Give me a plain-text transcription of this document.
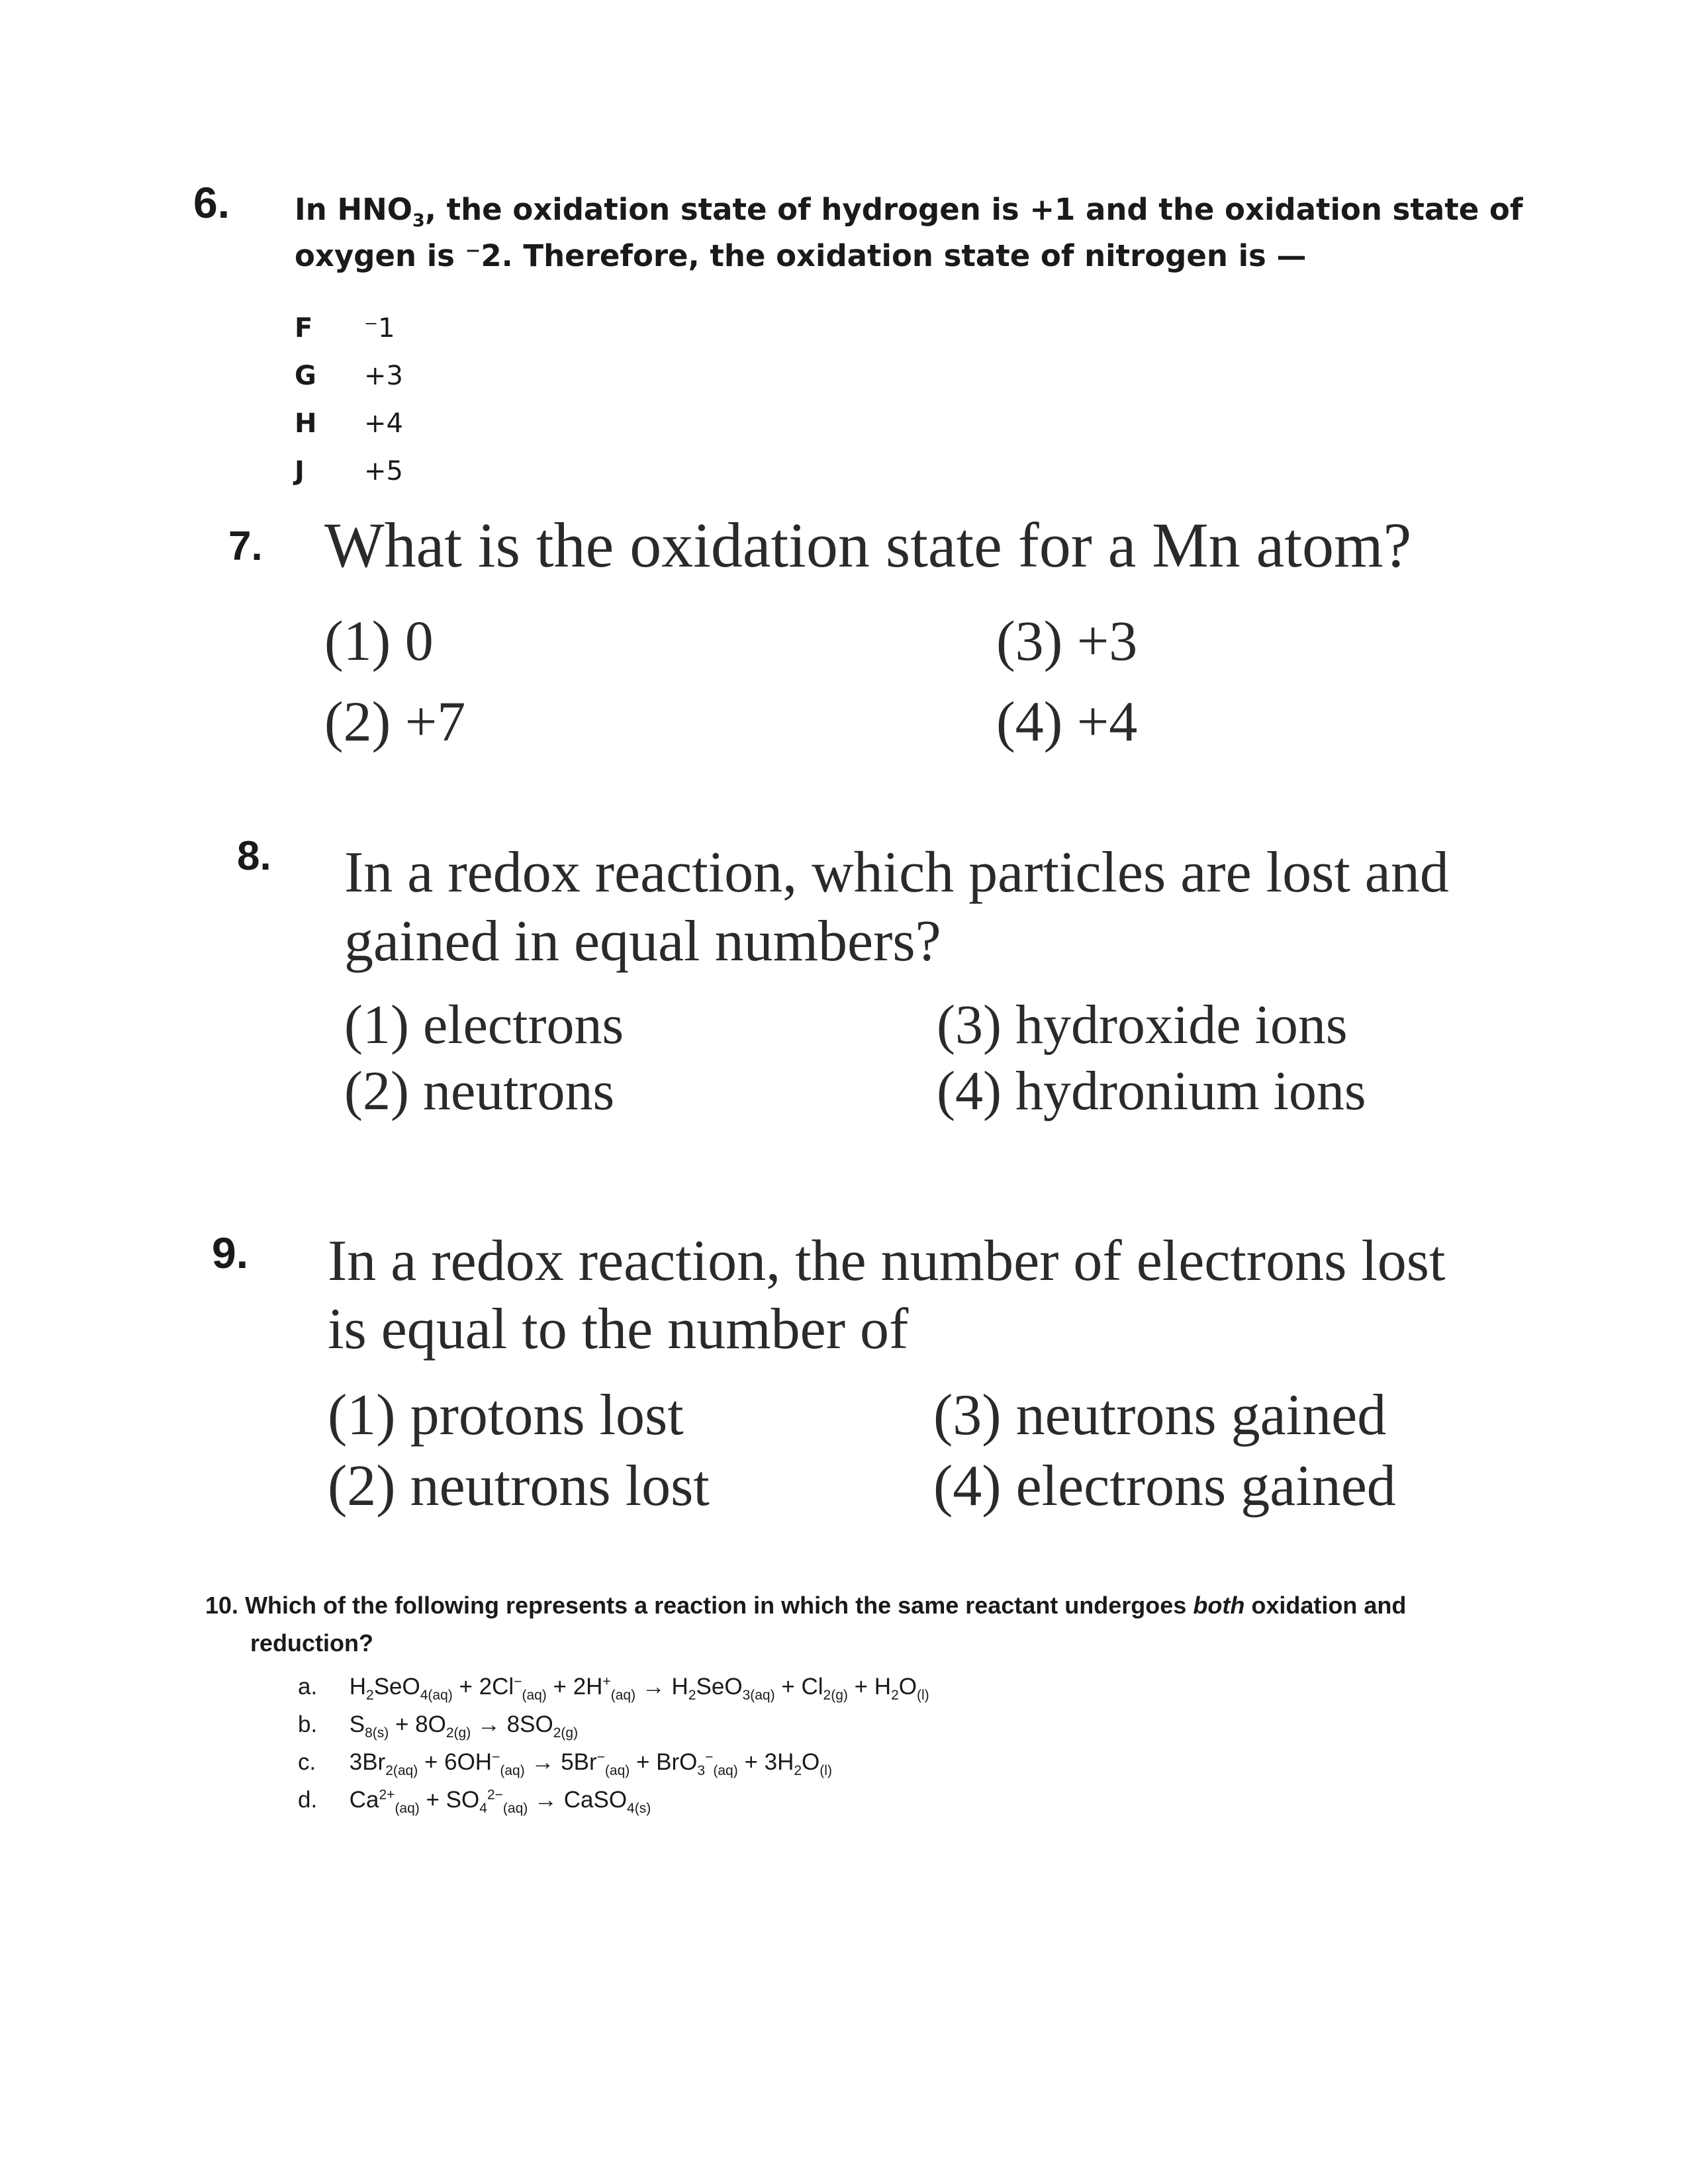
6. In $HNO_3$, the oxidation state of hydrogen is +1 and the oxidation state of
oxygen is ⁻2. Therefore, the oxidation state of nitrogen is —
F ⁻1
G +3
H +4
J +5
7. What is the oxidation state for a Mn atom?
(1) 0
(2) +7
(3) +3
(4) +4
8. In a redox reaction, which particles are lost and
gained in equal numbers?
(1) electrons
(2) neutrons
(3) hydroxide ions
(4) hydronium ions
9. In a redox reaction, the number of electrons lost
is equal to the number of
(1) protons lost
(2) neutrons lost
(3) neutrons gained
(4) electrons gained
10. Which of the following represents a reaction in which the same reactant undergoes both oxidation and
reduction?
a. $H_2SeO_{4(aq)} + 2Cl^-_{(aq)} + 2H^+_{(aq)} \to H_2SeO_{3(aq)} + Cl_{2(g)} + H_2O_{(l)}$
b. $S_{8(s)} + 8O_{2(g)} \to 8SO_{2(g)}$
c. $3Br_{2(aq)} + 6OH^-_{(aq)} \to 5Br^-_{(aq)} + BrO_3^-_{(aq)} + 3H_2O_{(l)}$
d. $Ca^{2+}_{(aq)} + SO_4^{2-}_{(aq)}$ → CaSO$_{4(s)}$
